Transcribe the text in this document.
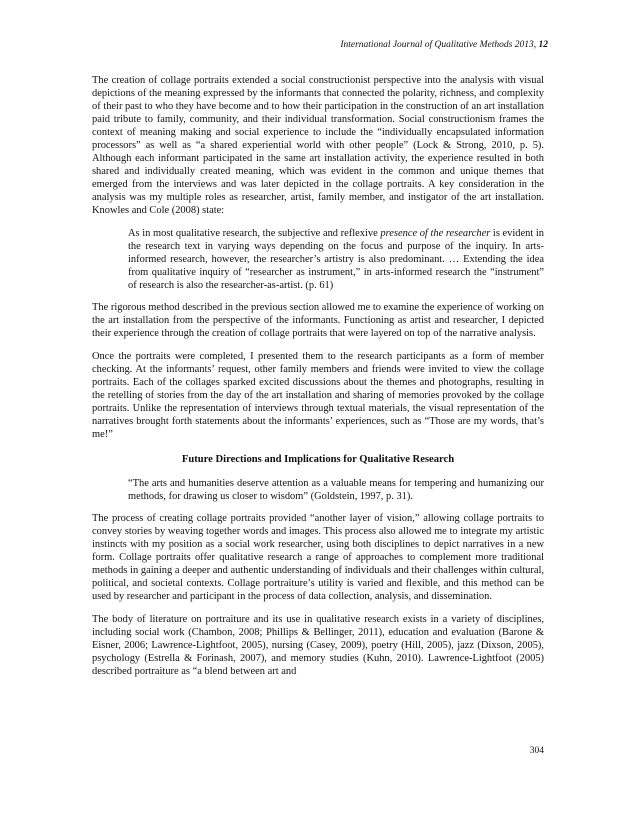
International Journal of Qualitative Methods 2013, 12

The creation of collage portraits extended a social constructionist perspective into the analysis with visual depictions of the meaning expressed by the informants that connected the polarity, richness, and complexity of their past to who they have become and to how their participation in the construction of an art installation paid tribute to family, community, and their individual transformation. Social constructionism frames the context of meaning making and social experience to include the “individually encapsulated information processors” as well as “a shared experiential world with other people” (Lock & Strong, 2010, p. 5). Although each informant participated in the same art installation activity, the experience resulted in both shared and individually created meaning, which was evident in the common and unique themes that emerged from the interviews and was later depicted in the collage portraits. A key consideration in the analysis was my multiple roles as researcher, artist, family member, and instigator of the art installation. Knowles and Cole (2008) state:

As in most qualitative research, the subjective and reflexive presence of the researcher is evident in the research text in varying ways depending on the focus and purpose of the inquiry. In arts-informed research, however, the researcher’s artistry is also predominant. … Extending the idea from qualitative inquiry of “researcher as instrument,” in arts-informed research the “instrument” of research is also the researcher-as-artist. (p. 61)

The rigorous method described in the previous section allowed me to examine the experience of working on the art installation from the perspective of the informants. Functioning as artist and researcher, I depicted their experience through the creation of collage portraits that were layered on top of the narrative analysis.

Once the portraits were completed, I presented them to the research participants as a form of member checking. At the informants’ request, other family members and friends were invited to view the collage portraits. Each of the collages sparked excited discussions about the themes and photographs, resulting in the retelling of stories from the day of the art installation and sharing of memories provoked by the collage portraits. Unlike the representation of interviews through textual materials, the visual representation of the narratives brought forth statements about the informants’ experiences, such as “Those are my words, that’s me!”

Future Directions and Implications for Qualitative Research

“The arts and humanities deserve attention as a valuable means for tempering and humanizing our methods, for drawing us closer to wisdom” (Goldstein, 1997, p. 31).

The process of creating collage portraits provided “another layer of vision,” allowing collage portraits to convey stories by weaving together words and images. This process also allowed me to integrate my artistic instincts with my position as a social work researcher, using both disciplines to depict narratives in a new form. Collage portraits offer qualitative research a range of approaches to complement more traditional methods in gaining a deeper and authentic understanding of individuals and their challenges within cultural, political, and societal contexts. Collage portraiture’s utility is varied and flexible, and this method can be used by researcher and participant in the process of data collection, analysis, and dissemination.

The body of literature on portraiture and its use in qualitative research exists in a variety of disciplines, including social work (Chambon, 2008; Phillips & Bellinger, 2011), education and evaluation (Barone & Eisner, 2006; Lawrence-Lightfoot, 2005), nursing (Casey, 2009), poetry (Hill, 2005), jazz (Dixson, 2005), psychology (Estrella & Forinash, 2007), and memory studies (Kuhn, 2010). Lawrence-Lightfoot (2005) described portraiture as “a blend between art and

304
